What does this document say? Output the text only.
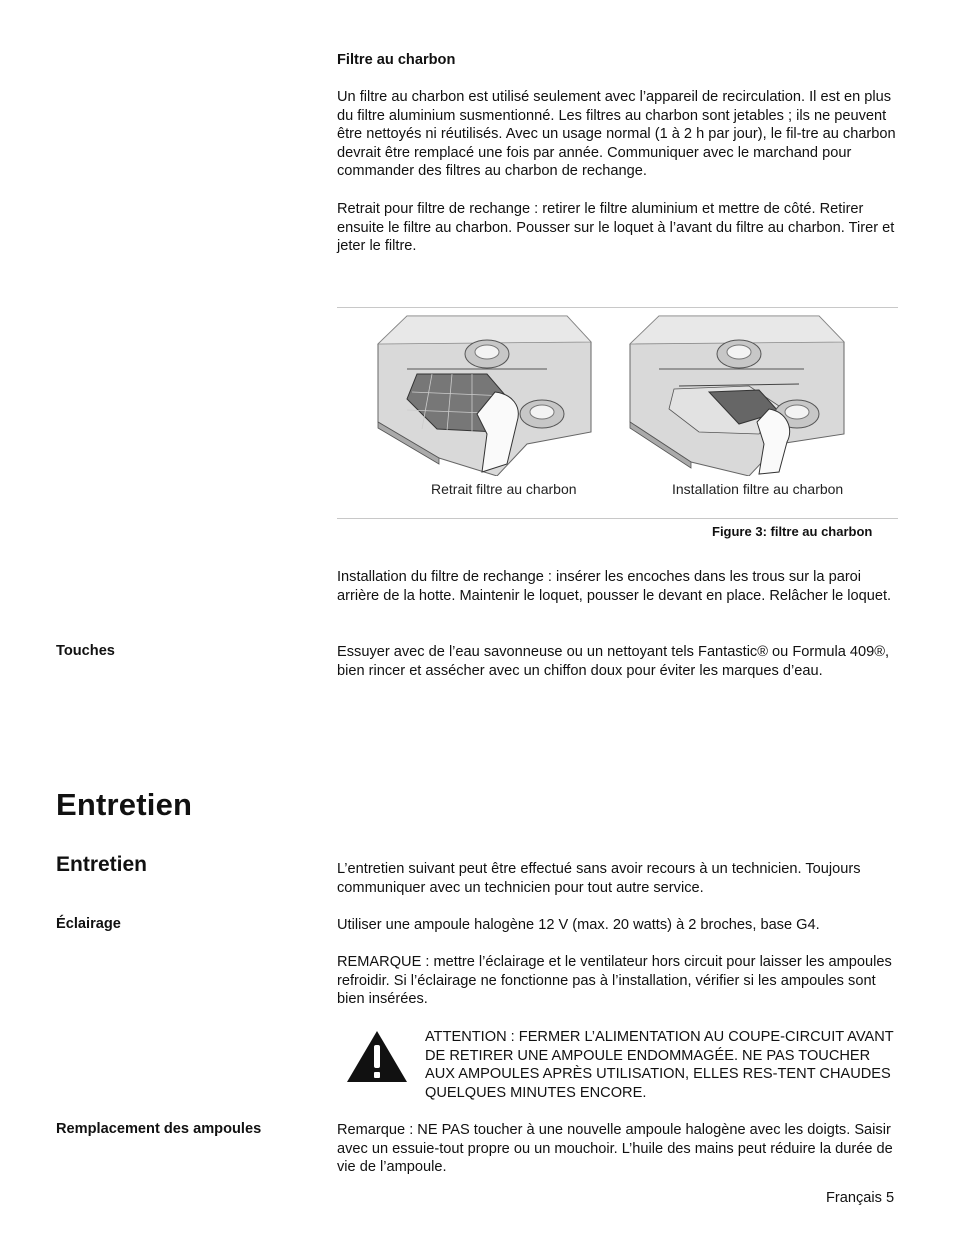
Filtre au charbon

Un filtre au charbon est utilisé seulement avec l’appareil de recirculation. Il est en plus du filtre aluminium susmentionné. Les filtres au charbon sont jetables ; ils ne peuvent être nettoyés ni réutilisés. Avec un usage normal (1 à 2 h par jour), le fil-tre au charbon devrait être remplacé une fois par année. Communiquer avec le marchand pour commander des filtres au charbon de rechange.

Retrait pour filtre de rechange : retirer le filtre aluminium et mettre de côté. Retirer ensuite le filtre au charbon. Pousser sur le loquet à l’avant du filtre au charbon. Tirer et jeter le filtre.

Retrait filtre au charbon	Installation filtre au charbon
Figure 3: filtre au charbon

Installation du filtre de rechange : insérer les encoches dans les trous sur la paroi arrière de la hotte. Maintenir le loquet, pousser le devant en place. Relâcher le loquet.

Touches	Essuyer avec de l’eau savonneuse ou un nettoyant tels Fantastic® ou Formula 409®, bien rincer et assécher avec un chiffon doux pour éviter les marques d’eau.

Entretien
Entretien	L’entretien suivant peut être effectué sans avoir recours à un technicien. Toujours communiquer avec un technicien pour tout autre service.

Éclairage	Utiliser une ampoule halogène 12 V (max. 20 watts) à 2 broches, base G4.

REMARQUE : mettre l’éclairage et le ventilateur hors circuit pour laisser les ampoules refroidir. Si l’éclairage ne fonctionne pas à l’installation, vérifier si les ampoules sont bien insérées.

ATTENTION : FERMER L’ALIMENTATION AU COUPE-CIRCUIT AVANT DE RETIRER UNE AMPOULE ENDOMMAGÉE. NE PAS TOUCHER AUX AMPOULES APRÈS UTILISATION, ELLES RES-TENT CHAUDES QUELQUES MINUTES ENCORE.

Remplacement des ampoules	Remarque : NE PAS toucher à une nouvelle ampoule halogène avec les doigts. Saisir avec un essuie-tout propre ou un mouchoir. L’huile des mains peut réduire la durée de vie de l’ampoule.

Français 5
